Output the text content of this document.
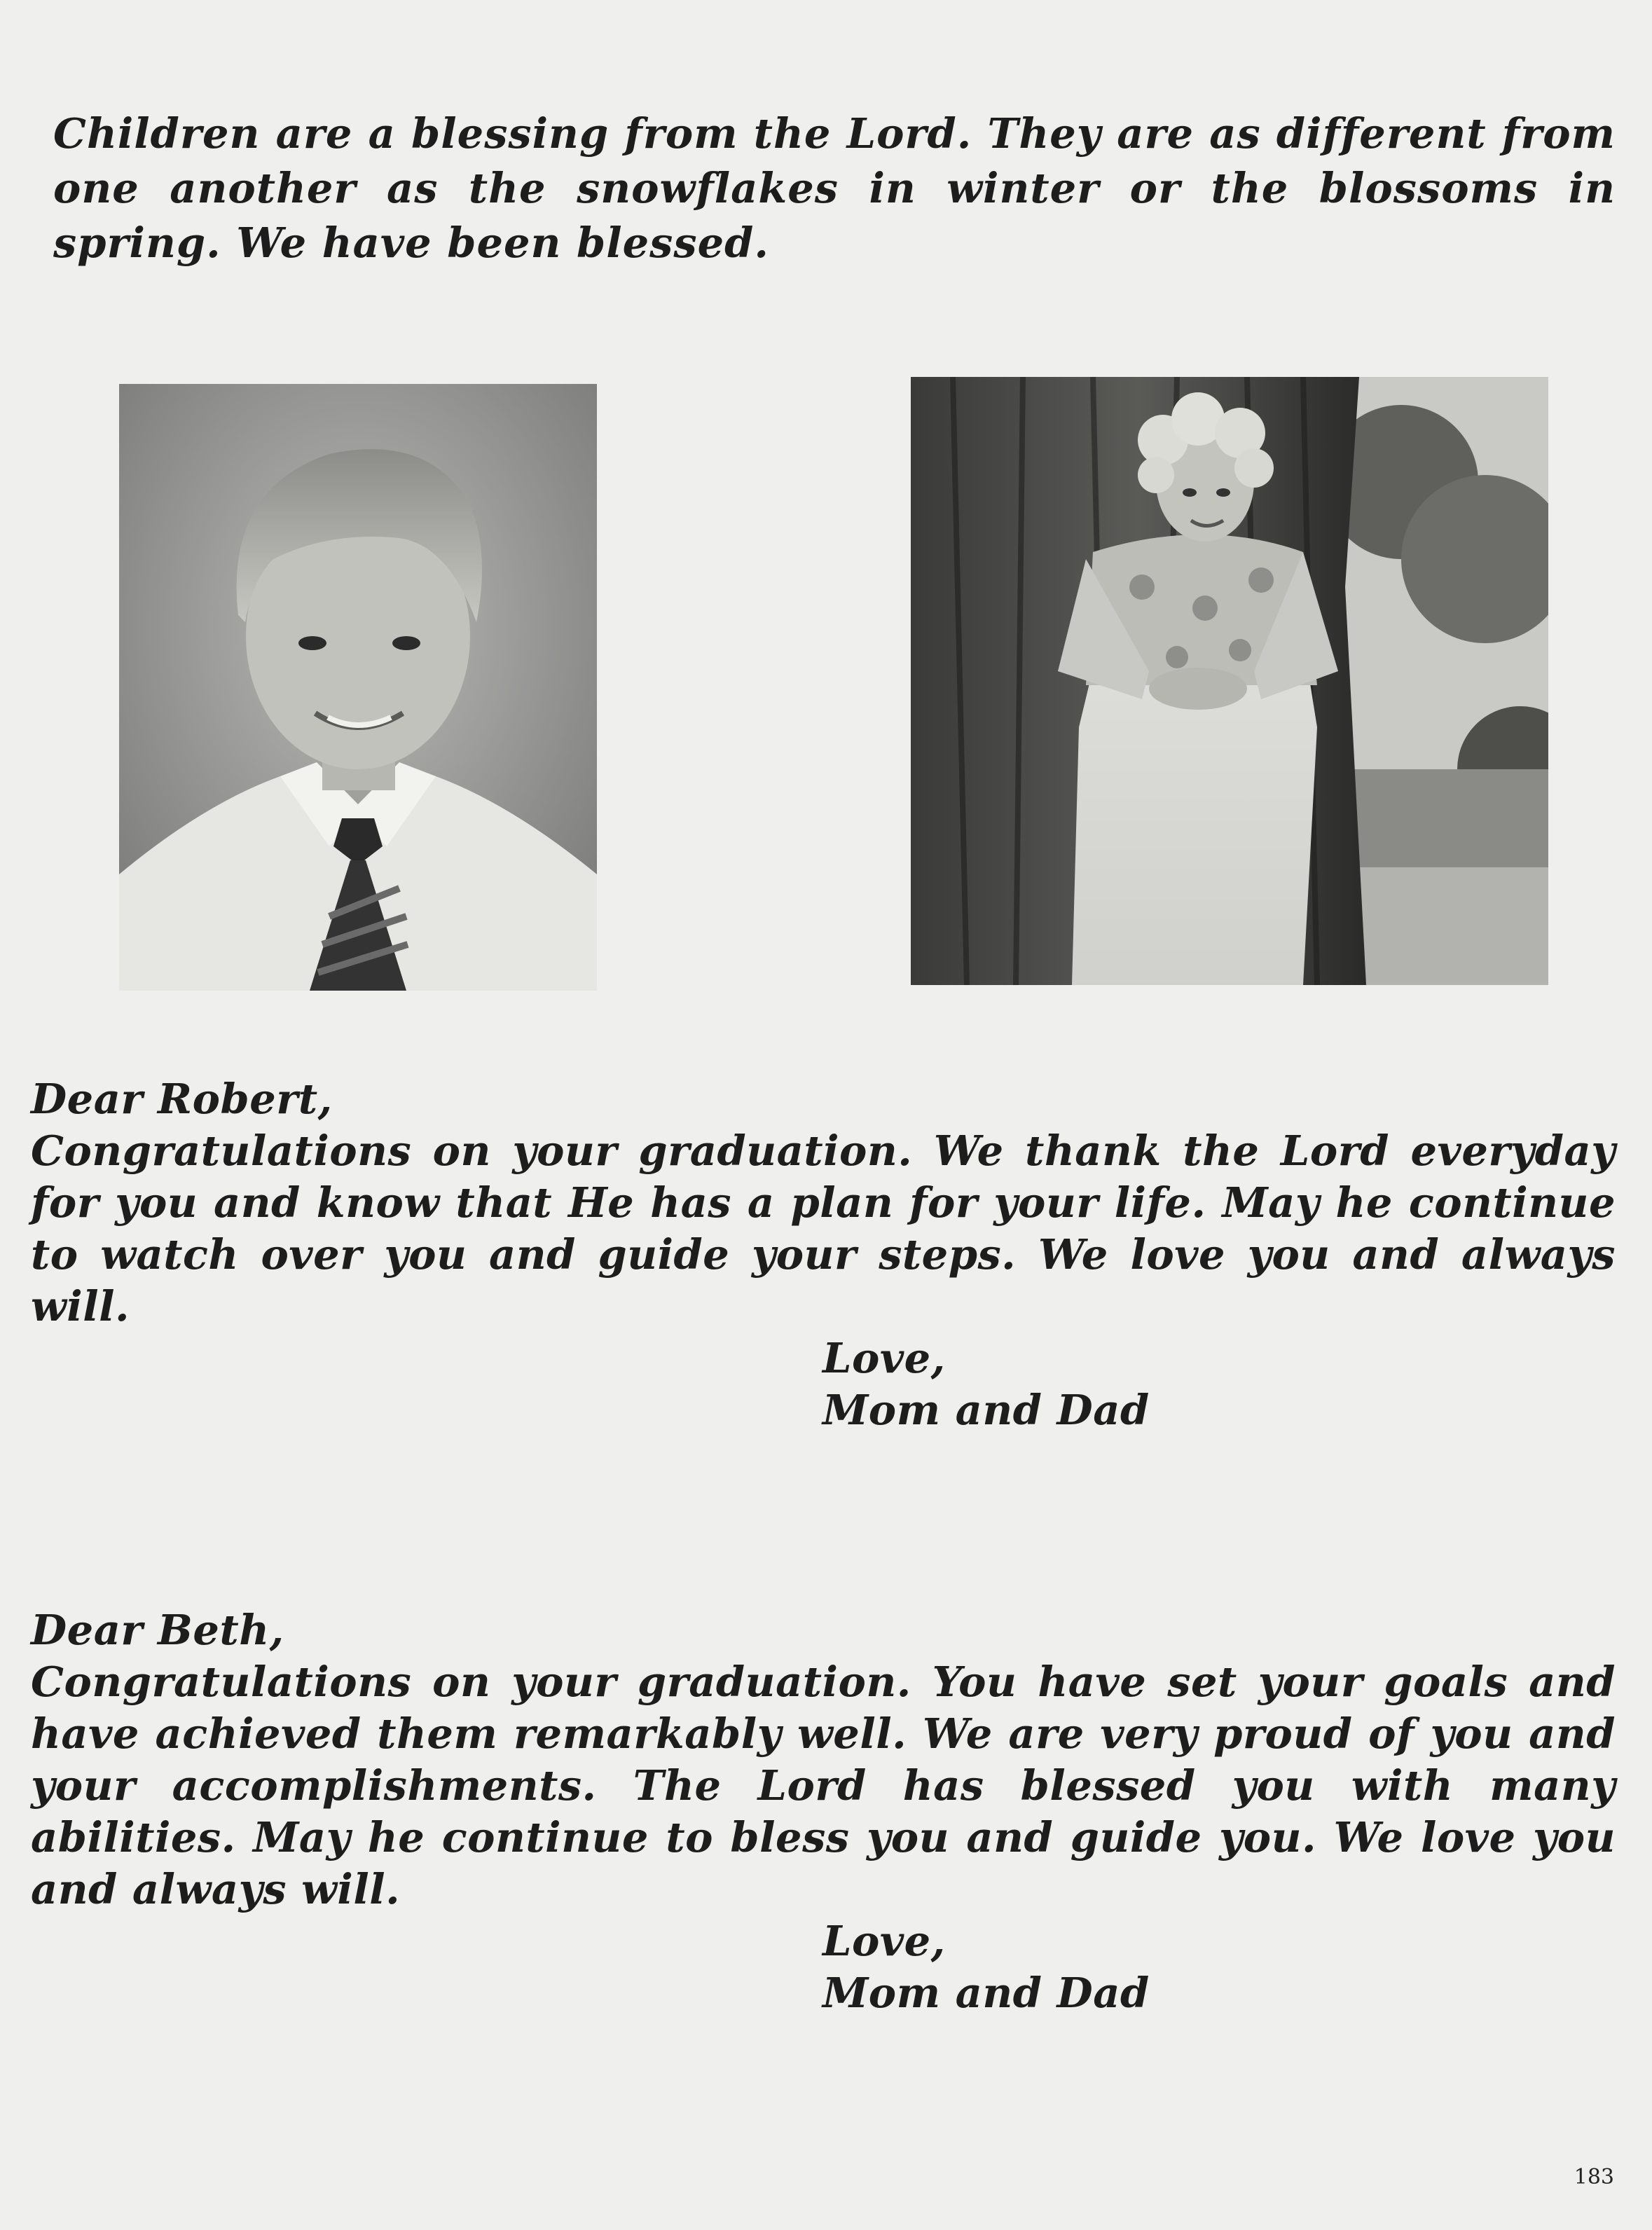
Children are a blessing from the Lord. They are as different from one another as the snowflakes in winter or the blossoms in spring. We have been blessed.

Dear Robert,

Congratulations on your graduation. We thank the Lord everyday for you and know that He has a plan for your life. May he continue to watch over you and guide your steps. We love you and always will.

Love,
Mom and Dad

Dear Beth,

Congratulations on your graduation. You have set your goals and have achieved them remarkably well. We are very proud of you and your accomplishments. The Lord has blessed you with many abilities. May he continue to bless you and guide you. We love you and always will.

Love,
Mom and Dad
183
